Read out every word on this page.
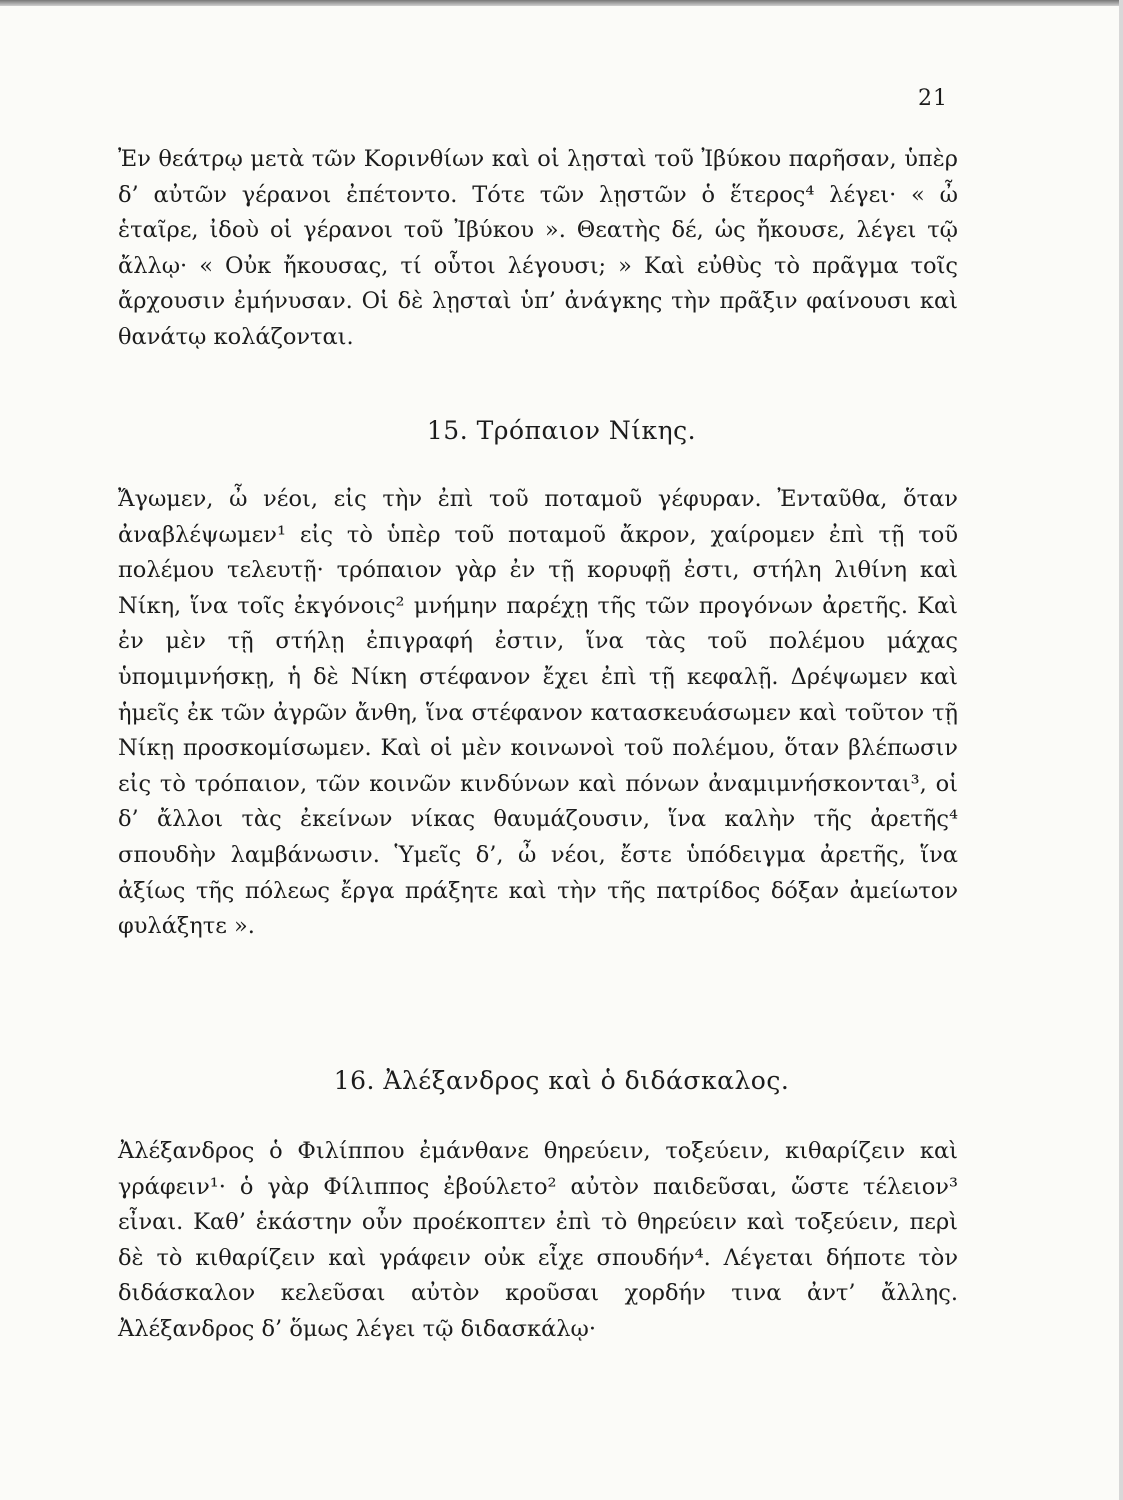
21

Ἐν θεάτρῳ μετὰ τῶν Κορινθίων καὶ οἱ λῃσταὶ τοῦ Ἰβύκου παρῆσαν, ὑπὲρ δ’ αὐτῶν γέρανοι ἐπέτοντο. Τότε τῶν λῃστῶν ὁ ἕτερος⁴ λέγει· « ὦ ἑταῖρε, ἰδοὺ οἱ γέρανοι τοῦ Ἰβύκου ». Θεατὴς δέ, ὡς ἤκουσε, λέγει τῷ ἄλλῳ· « Οὐκ ἤκουσας, τί οὗτοι λέγουσι; » Καὶ εὐθὺς τὸ πρᾶγμα τοῖς ἄρχουσιν ἐμήνυσαν. Οἱ δὲ λῃσταὶ ὑπ’ ἀνάγκης τὴν πρᾶξιν φαίνουσι καὶ θανάτῳ κολάζονται.

15. Τρόπαιον Νίκης.

Ἄγωμεν, ὦ νέοι, εἰς τὴν ἐπὶ τοῦ ποταμοῦ γέφυραν. Ἐνταῦθα, ὅταν ἀναβλέψωμεν¹ εἰς τὸ ὑπὲρ τοῦ ποταμοῦ ἄκρον, χαίρομεν ἐπὶ τῇ τοῦ πολέμου τελευτῇ· τρόπαιον γὰρ ἐν τῇ κορυφῇ ἐστι, στήλη λιθίνη καὶ Νίκη, ἵνα τοῖς ἐκγόνοις² μνήμην παρέχῃ τῆς τῶν προγόνων ἀρετῆς. Καὶ ἐν μὲν τῇ στήλῃ ἐπιγραφή ἐστιν, ἵνα τὰς τοῦ πολέμου μάχας ὑπομιμνήσκῃ, ἡ δὲ Νίκη στέφανον ἔχει ἐπὶ τῇ κεφαλῇ. Δρέψωμεν καὶ ἡμεῖς ἐκ τῶν ἀγρῶν ἄνθη, ἵνα στέφανον κατασκευάσωμεν καὶ τοῦτον τῇ Νίκῃ προσκομίσωμεν. Καὶ οἱ μὲν κοινωνοὶ τοῦ πολέμου, ὅταν βλέπωσιν εἰς τὸ τρόπαιον, τῶν κοινῶν κινδύνων καὶ πόνων ἀναμιμνήσκονται³, οἱ δ’ ἄλλοι τὰς ἐκείνων νίκας θαυμάζουσιν, ἵνα καλὴν τῆς ἀρετῆς⁴ σπουδὴν λαμβάνωσιν. Ὑμεῖς δ’, ὦ νέοι, ἔστε ὑπόδειγμα ἀρετῆς, ἵνα ἀξίως τῆς πόλεως ἔργα πράξητε καὶ τὴν τῆς πατρίδος δόξαν ἀμείωτον φυλάξητε ».

16. Ἀλέξανδρος καὶ ὁ διδάσκαλος.

Ἀλέξανδρος ὁ Φιλίππου ἐμάνθανε θηρεύειν, τοξεύειν, κιθαρίζειν καὶ γράφειν¹· ὁ γὰρ Φίλιππος ἐβούλετο² αὐτὸν παιδεῦσαι, ὥστε τέλειον³ εἶναι. Καθ’ ἑκάστην οὖν προέκοπτεν ἐπὶ τὸ θηρεύειν καὶ τοξεύειν, περὶ δὲ τὸ κιθαρίζειν καὶ γράφειν οὐκ εἶχε σπουδήν⁴. Λέγεται δήποτε τὸν διδάσκαλον κελεῦσαι αὐτὸν κροῦσαι χορδήν τινα ἀντ’ ἄλλης. Ἀλέξανδρος δ’ ὅμως λέγει τῷ διδασκάλῳ·
